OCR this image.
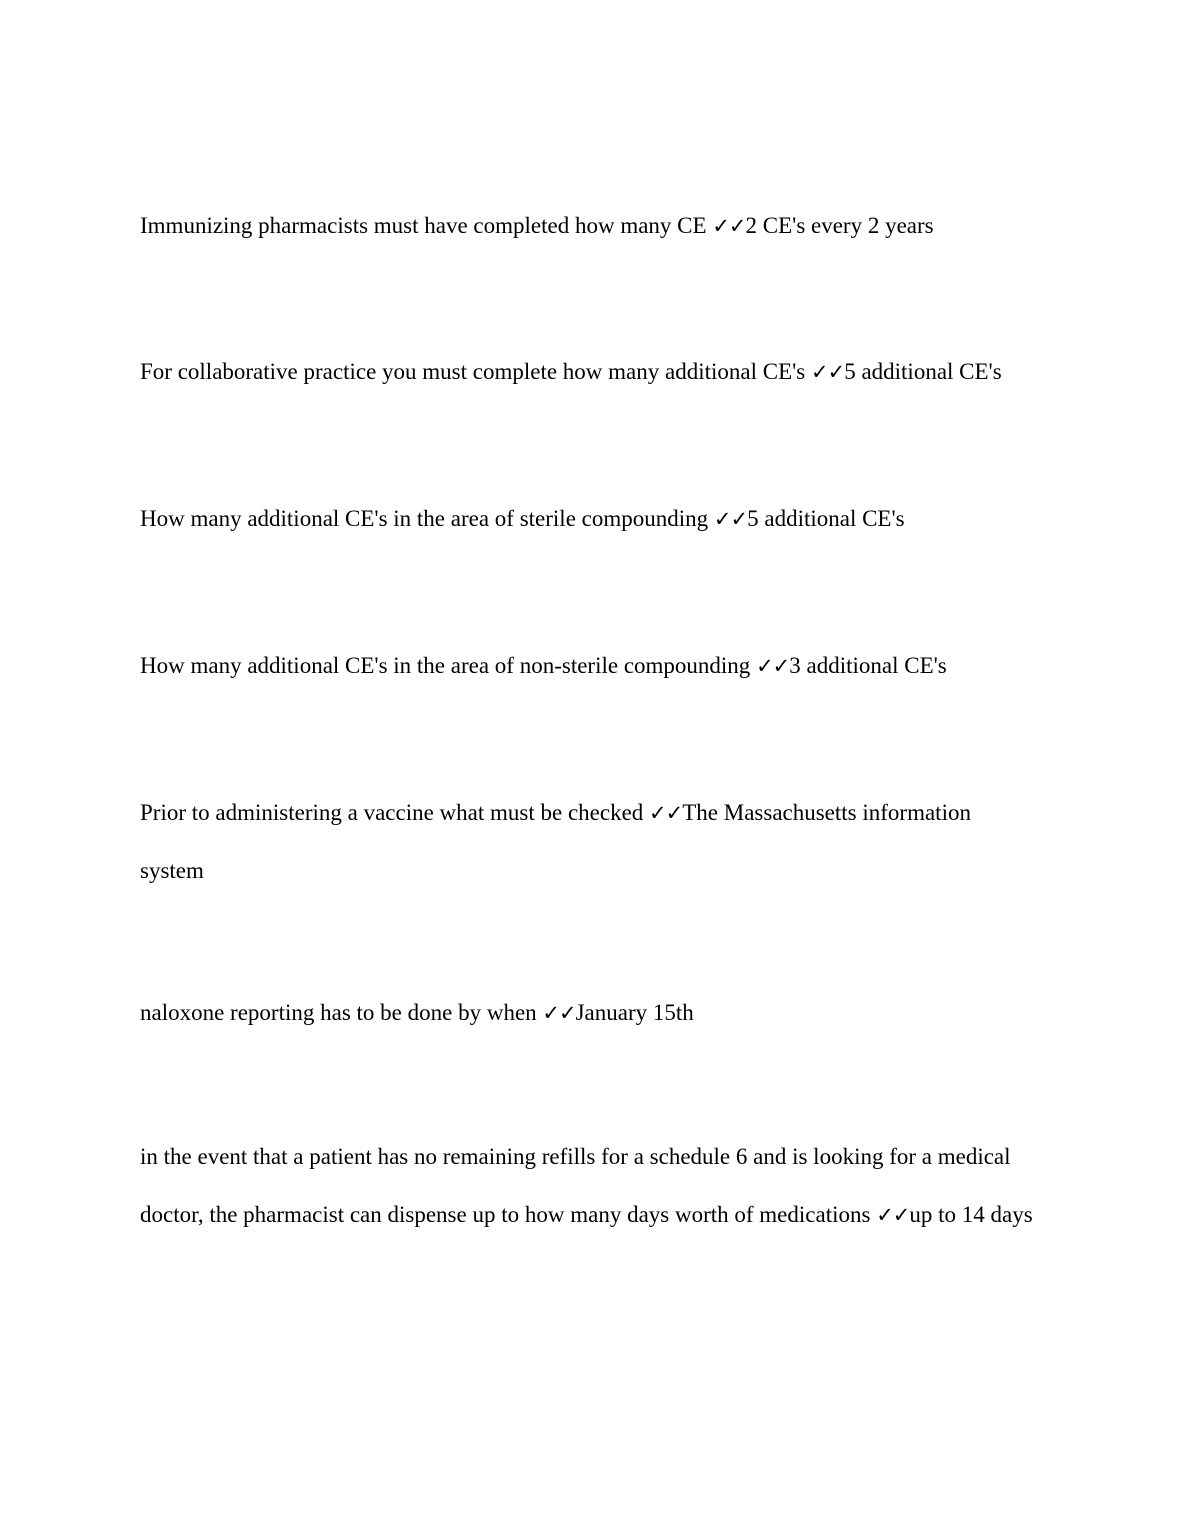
Immunizing pharmacists must have completed how many CE ✓✓2 CE's every 2 years

For collaborative practice you must complete how many additional CE's ✓✓5 additional CE's

How many additional CE's in the area of sterile compounding ✓✓5 additional CE's

How many additional CE's in the area of non-sterile compounding ✓✓3 additional CE's

Prior to administering a vaccine what must be checked ✓✓The Massachusetts information system

naloxone reporting has to be done by when ✓✓January 15th

in the event that a patient has no remaining refills for a schedule 6 and is looking for a medical doctor, the pharmacist can dispense up to how many days worth of medications ✓✓up to 14 days
